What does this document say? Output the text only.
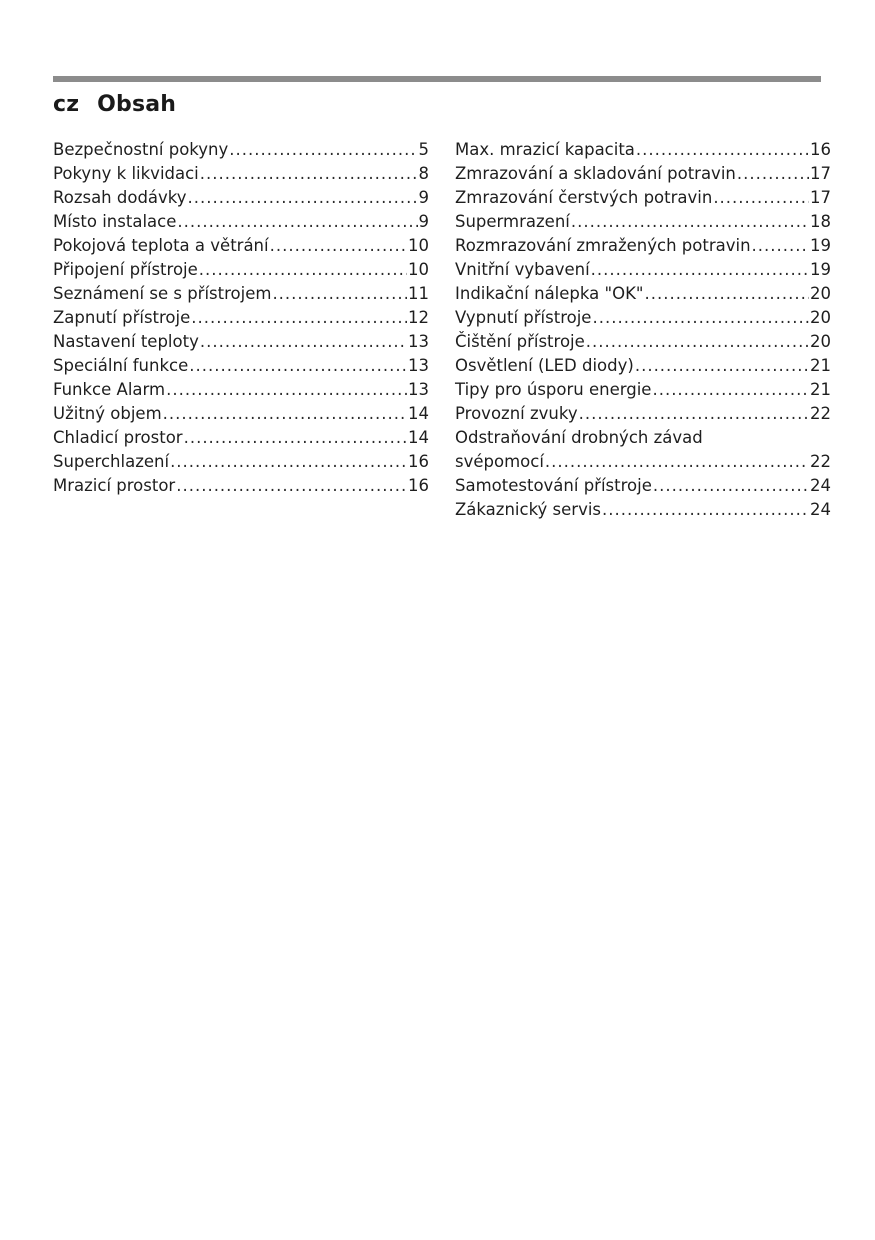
cz Obsah
Bezpečnostní pokyny .....	5
Pokyny k likvidaci .....	8
Rozsah dodávky .....	9
Místo instalace .....	9
Pokojová teplota a větrání .....	10
Připojení přístroje .....	10
Seznámení se s přístrojem .....	11
Zapnutí přístroje .....	12
Nastavení teploty .....	13
Speciální funkce .....	13
Funkce Alarm .....	13
Užitný objem .....	14
Chladicí prostor .....	14
Superchlazení .....	16
Mrazicí prostor .....	16
Max. mrazicí kapacita .....	16
Zmrazování a skladování potravin .....	17
Zmrazování čerstvých potravin .....	17
Supermrazení .....	18
Rozmrazování zmražených potravin .....	19
Vnitřní vybavení .....	19
Indikační nálepka "OK" .....	20
Vypnutí přístroje .....	20
Čištění přístroje .....	20
Osvětlení (LED diody) .....	21
Tipy pro úsporu energie .....	21
Provozní zvuky .....	22
Odstraňování drobných závad
svépomocí .....	22
Samotestování přístroje .....	24
Zákaznický servis .....	24
